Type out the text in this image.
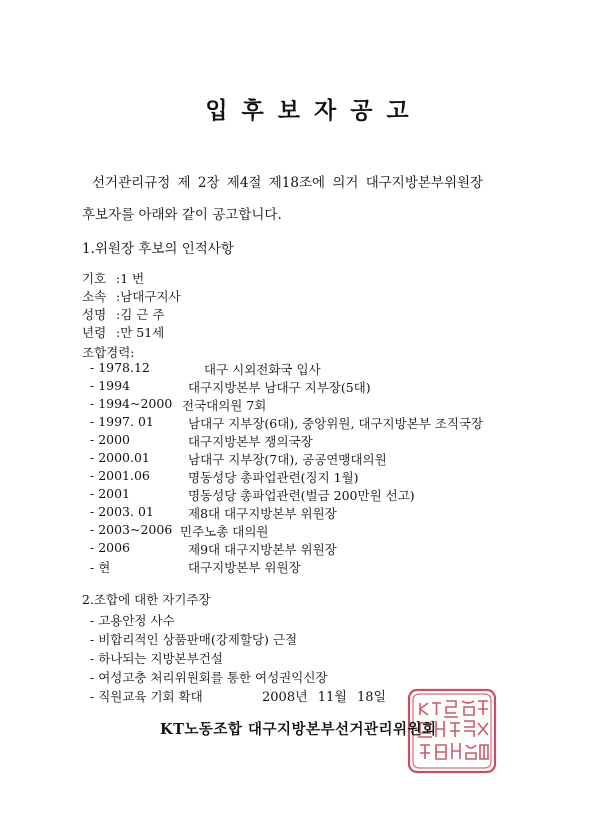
입후보자공고
선거관리규정 제 2장 제4절 제18조에 의거 대구지방본부위원장
후보자를 아래와 같이 공고합니다.
1.위원장 후보의 인적사항
기호 :1 번
소속 :남대구지사
성명 :김 근 주
년령 :만 51세
조합경력:
- 1978.12	대구 시외전화국 입사
- 1994	대구지방본부 남대구 지부장(5대)
- 1994~2000 전국대의원 7회
- 1997. 01	남대구 지부장(6대), 중앙위원, 대구지방본부 조직국장
- 2000	대구지방본부 쟁의국장
- 2000.01	남대구 지부장(7대), 공공연맹대의원
- 2001.06	명동성당 총파업관련(징지 1월)
- 2001	명동성당 총파업관련(벌금 200만원 선고)
- 2003. 01	제8대 대구지방본부 위원장
- 2003~2006 민주노총 대의원
- 2006	제9대 대구지방본부 위원장
- 현	대구지방본부 위원장
2.조합에 대한 자기주장
- 고용안정 사수
- 비합리적인 상품판매(강제할당) 근절
- 하나되는 지방본부건설
- 여성고충 처리위원회를 통한 여성권익신장
- 직원교육 기회 확대	2008년 11월 18일
KT노동조합 대구지방본부선거관리위원회
